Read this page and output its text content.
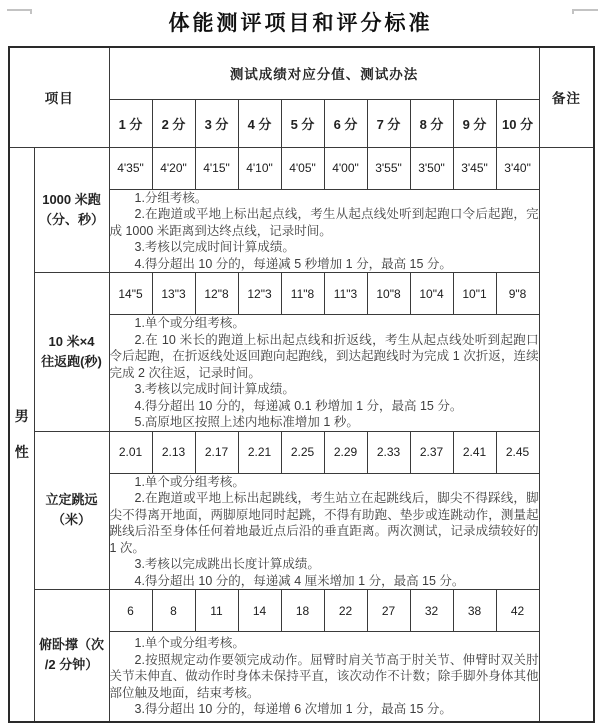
体能测评项目和评分标准
项目		测试成绩对应分值、测试办法										备注
		1 分	2 分	3 分	4 分	5 分	6 分	7 分	8 分	9 分	10 分	
男性	1000 米跑
（分、秒）	4'35"	4'20"	4'15"	4'10"	4'05"	4'00"	3'55"	3'50"	3'45"	3'40"	

		1.分组考核。

2.在跑道或平地上标出起点线，考生从起点线处听到起跑口令后起跑，完成 1000 米距离到达终点线，记录时间。

3.考核以完成时间计算成绩。

4.得分超出 10 分的，每递减 5 秒增加 1 分，最高 15 分。										

	10 米×4
往返跑(秒)	14"5	13"3	12"8	12"3	11"8	11"3	10"8	10"4	10"1	9"8	

		1.单个或分组考核。

2.在 10 米长的跑道上标出起点线和折返线，考生从起点线处听到起跑口令后起跑，在折返线处返回跑向起跑线，到达起跑线时为完成 1 次折返，连续完成 2 次往返，记录时间。

3.考核以完成时间计算成绩。

4.得分超出 10 分的，每递减 0.1 秒增加 1 分，最高 15 分。

5.高原地区按照上述内地标准增加 1 秒。										

	立定跳远
（米）	2.01	2.13	2.17	2.21	2.25	2.29	2.33	2.37	2.41	2.45	

		1.单个或分组考核。

2.在跑道或平地上标出起跳线，考生站立在起跳线后，脚尖不得踩线，脚尖不得离开地面，两脚原地同时起跳，不得有助跑、垫步或连跳动作，测量起跳线后沿至身体任何着地最近点后沿的垂直距离。两次测试，记录成绩较好的 1 次。

3.考核以完成跳出长度计算成绩。

4.得分超出 10 分的，每递减 4 厘米增加 1 分，最高 15 分。										

	俯卧撑（次
/2 分钟）	6	8	11	14	18	22	27	32	38	42	

		1.单个或分组考核。

2.按照规定动作要领完成动作。屈臂时肩关节高于肘关节、伸臂时双关肘关节未伸直、做动作时身体未保持平直，该次动作不计数；除手脚外身体其他部位触及地面，结束考核。

3.得分超出 10 分的，每递增 6 次增加 1 分，最高 15 分。										
